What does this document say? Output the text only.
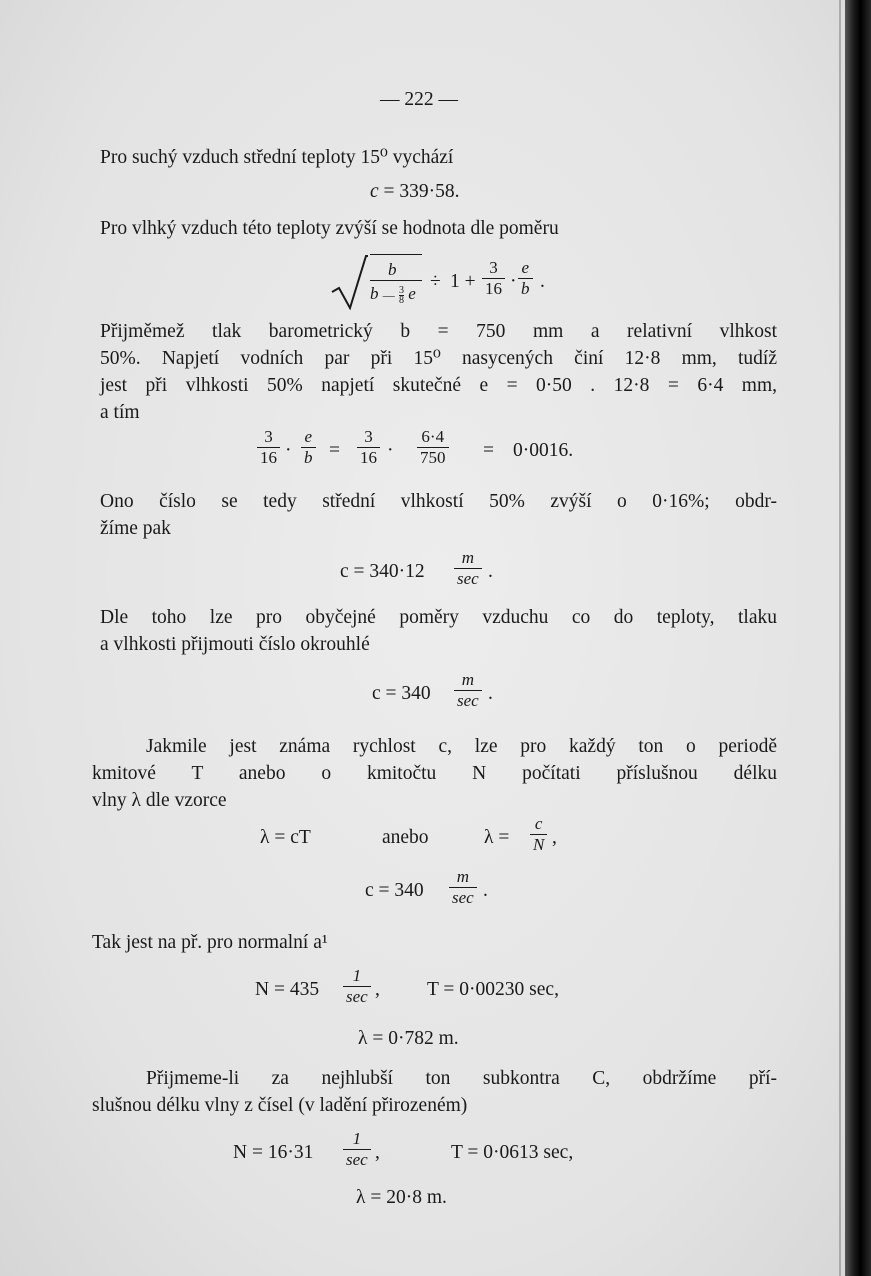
— 222 —
Pro suchý vzduch střední teploty 15⁰ vychází
c = 339·58.
Pro vlhký vzduch této teploty zvýší se hodnota dle poměru
b
b — $\frac{3}{8}$ e
÷ $1 + \frac{3}{16} \cdot \frac{e}{b}$ .
Přijměmež tlak barometrický b = 750 mm a relativní vlhkost
50%. Napjetí vodních par při 15⁰ nasycených činí 12·8 mm, tudíž
jest při vlhkosti 50% napjetí skutečné e = 0·50 . 12·8 = 6·4 mm,
a tím
$\frac{3}{16} \cdot \frac{e}{b} = \frac{3}{16} \cdot \frac{6\cdot 4}{750} = 0\cdot 0016$.
Ono číslo se tedy střední vlhkostí 50% zvýší o 0·16%; obdr-
žíme pak
$c = 340\cdot 12 \frac{m}{\sec}$ .
Dle toho lze pro obyčejné poměry vzduchu co do teploty, tlaku
a vlhkosti přijmouti číslo okrouhlé
$c = 340 \frac{m}{\sec}$ .
Jakmile jest známa rychlost c, lze pro každý ton o periodě
kmitové T anebo o kmitočtu N počítati příslušnou délku
vlny λ dle vzorce
λ = cT	anebo	$\lambda = \frac{c}{N}$ ,
$c = 340 \frac{m}{\sec}$ .
Tak jest na př. pro normalní a¹
$N = 435 \frac{1}{\sec}$ , T = 0·00230 sec,
λ = 0·782 m.
Přijmeme-li za nejhlubší ton subkontra C, obdržíme pří-
slušnou délku vlny z čísel (v ladění přirozeném)
$N = 16\cdot 31 \frac{1}{\sec}$ ,	T = 0·0613 sec,
λ = 20·8 m.
